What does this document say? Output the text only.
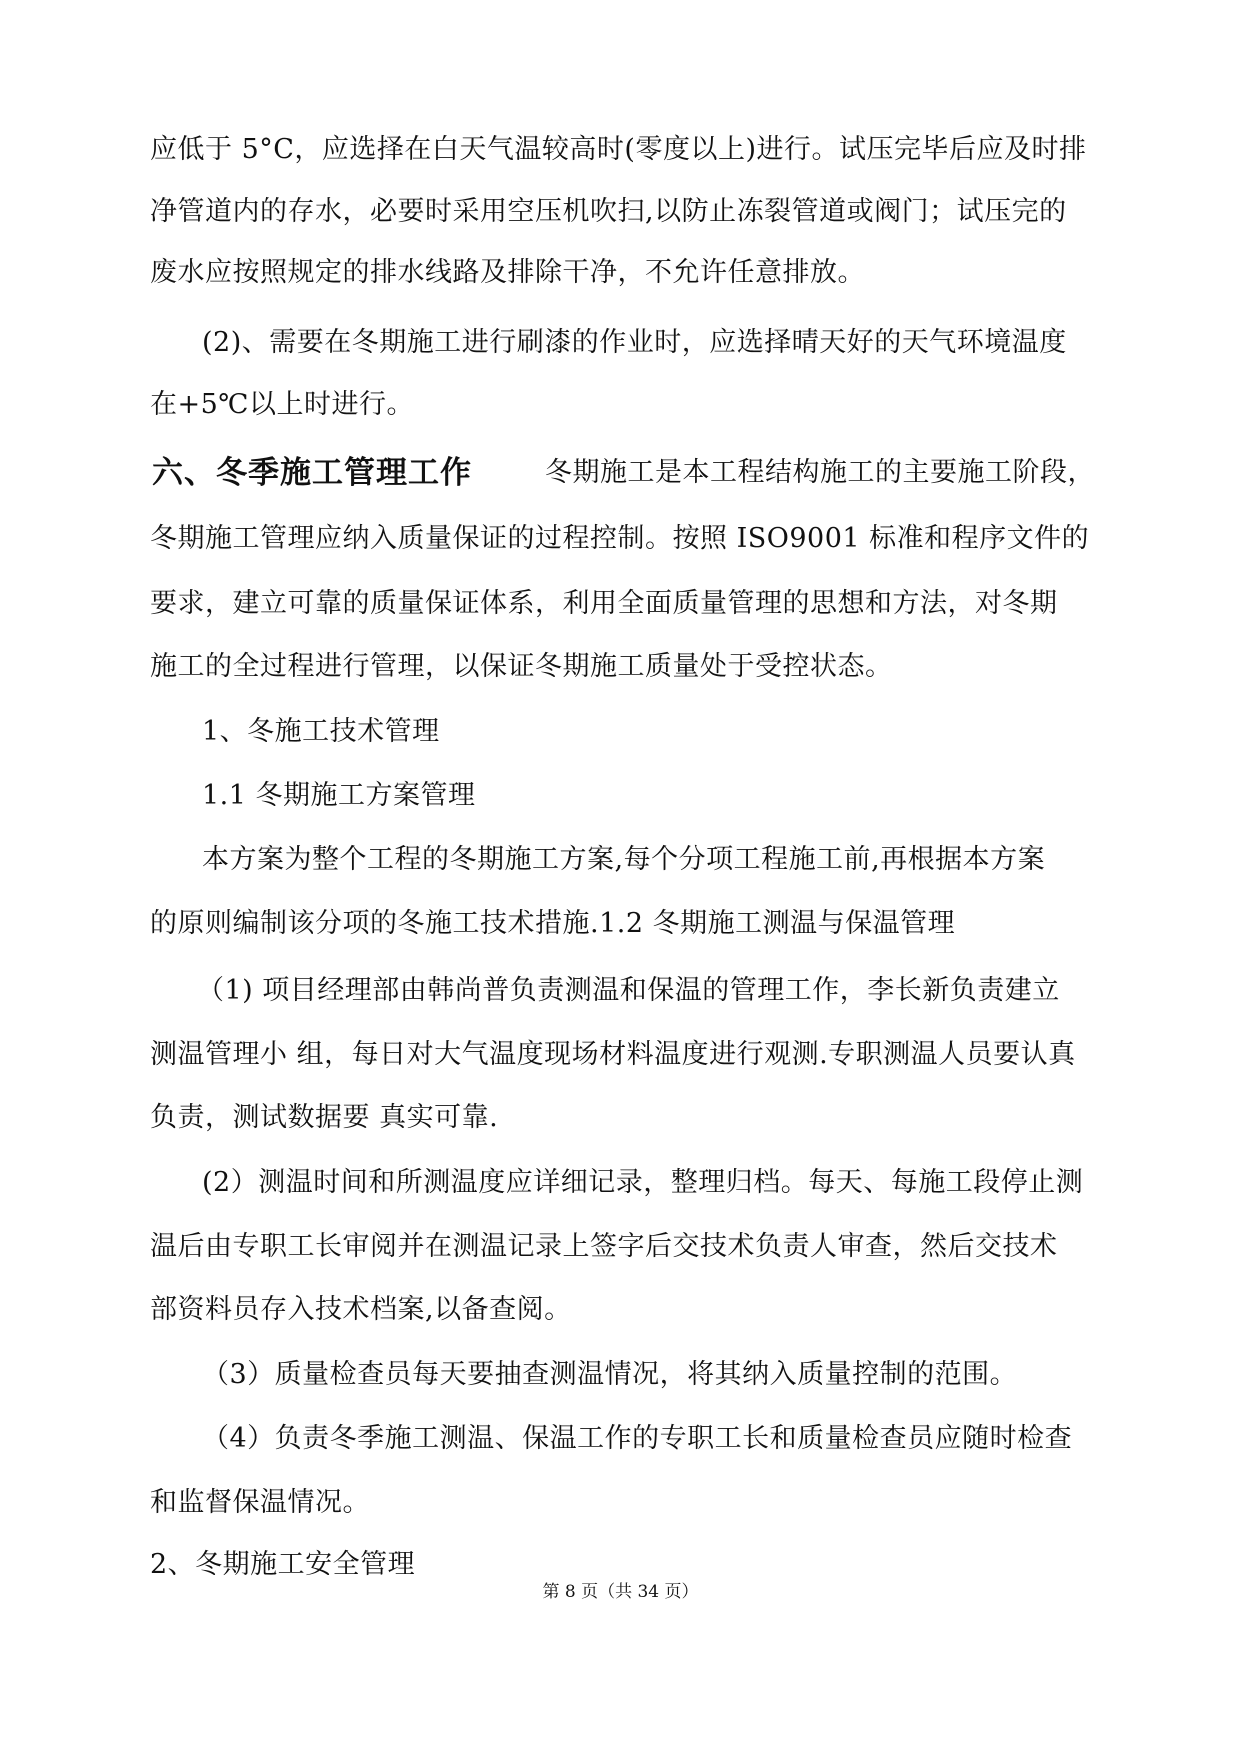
应低于 5°C，应选择在白天气温较高时(零度以上)进行。试压完毕后应及时排
净管道内的存水，必要时采用空压机吹扫,以防止冻裂管道或阀门；试压完的
废水应按照规定的排水线路及排除干净，不允许任意排放。
(2)、需要在冬期施工进行刷漆的作业时，应选择晴天好的天气环境温度
在+5℃以上时进行。
六、冬季施工管理工作	冬期施工是本工程结构施工的主要施工阶段，
冬期施工管理应纳入质量保证的过程控制。按照 ISO9001 标准和程序文件的
要求，建立可靠的质量保证体系，利用全面质量管理的思想和方法，对冬期
施工的全过程进行管理，以保证冬期施工质量处于受控状态。
1、冬施工技术管理
1.1 冬期施工方案管理
本方案为整个工程的冬期施工方案,每个分项工程施工前,再根据本方案
的原则编制该分项的冬施工技术措施.1.2 冬期施工测温与保温管理
（1) 项目经理部由韩尚普负责测温和保温的管理工作，李长新负责建立
测温管理小 组，每日对大气温度现场材料温度进行观测.专职测温人员要认真
负责，测试数据要 真实可靠.
(2）测温时间和所测温度应详细记录，整理归档。每天、每施工段停止测
温后由专职工长审阅并在测温记录上签字后交技术负责人审查，然后交技术
部资料员存入技术档案,以备查阅。
（3）质量检查员每天要抽查测温情况，将其纳入质量控制的范围。
（4）负责冬季施工测温、保温工作的专职工长和质量检查员应随时检查
和监督保温情况。
2、冬期施工安全管理
第 8 页（共 34 页）
